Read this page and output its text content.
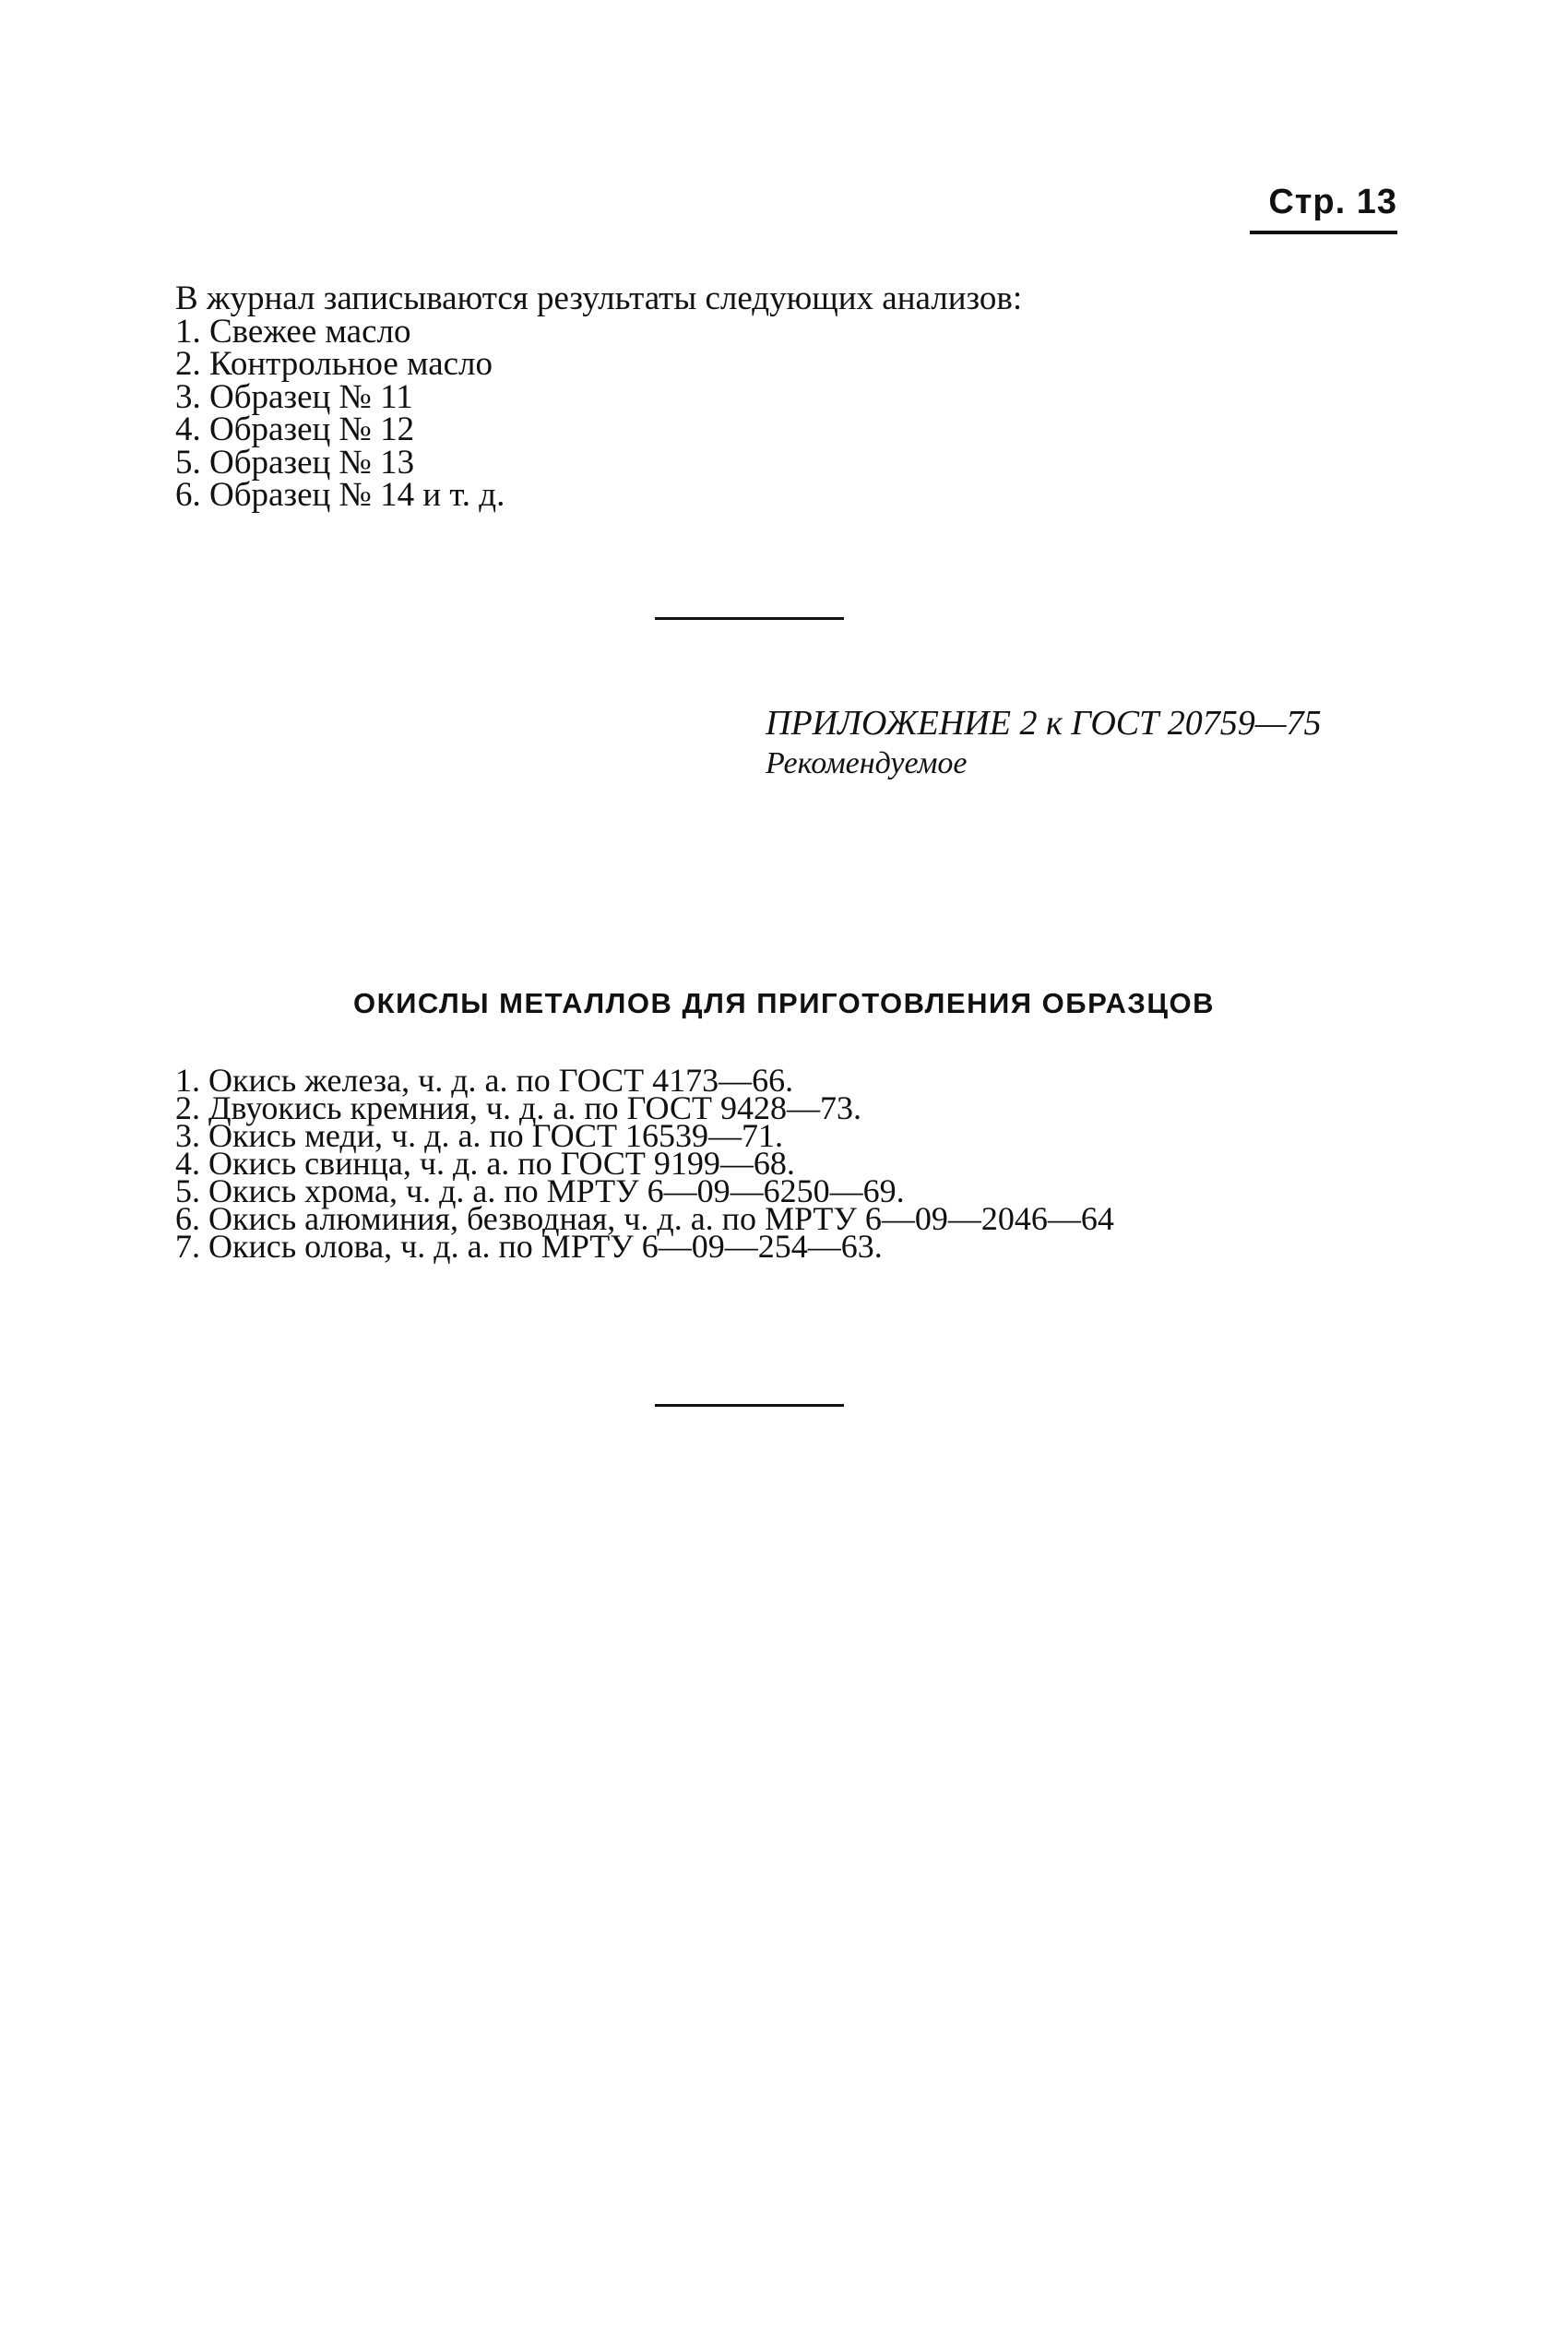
Стр. 13
В журнал записываются результаты следующих анализов:
1. Свежее масло
2. Контрольное масло
3. Образец № 11
4. Образец № 12
5. Образец № 13
6. Образец № 14 и т. д.
ПРИЛОЖЕНИЕ 2 к ГОСТ 20759—75
Рекомендуемое
ОКИСЛЫ МЕТАЛЛОВ ДЛЯ ПРИГОТОВЛЕНИЯ ОБРАЗЦОВ
1. Окись железа, ч. д. а. по ГОСТ 4173—66.
2. Двуокись кремния, ч. д. а. по ГОСТ 9428—73.
3. Окись меди, ч. д. а. по ГОСТ 16539—71.
4. Окись свинца, ч. д. а. по ГОСТ 9199—68.
5. Окись хрома, ч. д. а. по МРТУ 6—09—6250—69.
6. Окись алюминия, безводная, ч. д. а. по МРТУ 6—09—2046—64
7. Окись олова, ч. д. а. по МРТУ 6—09—254—63.
